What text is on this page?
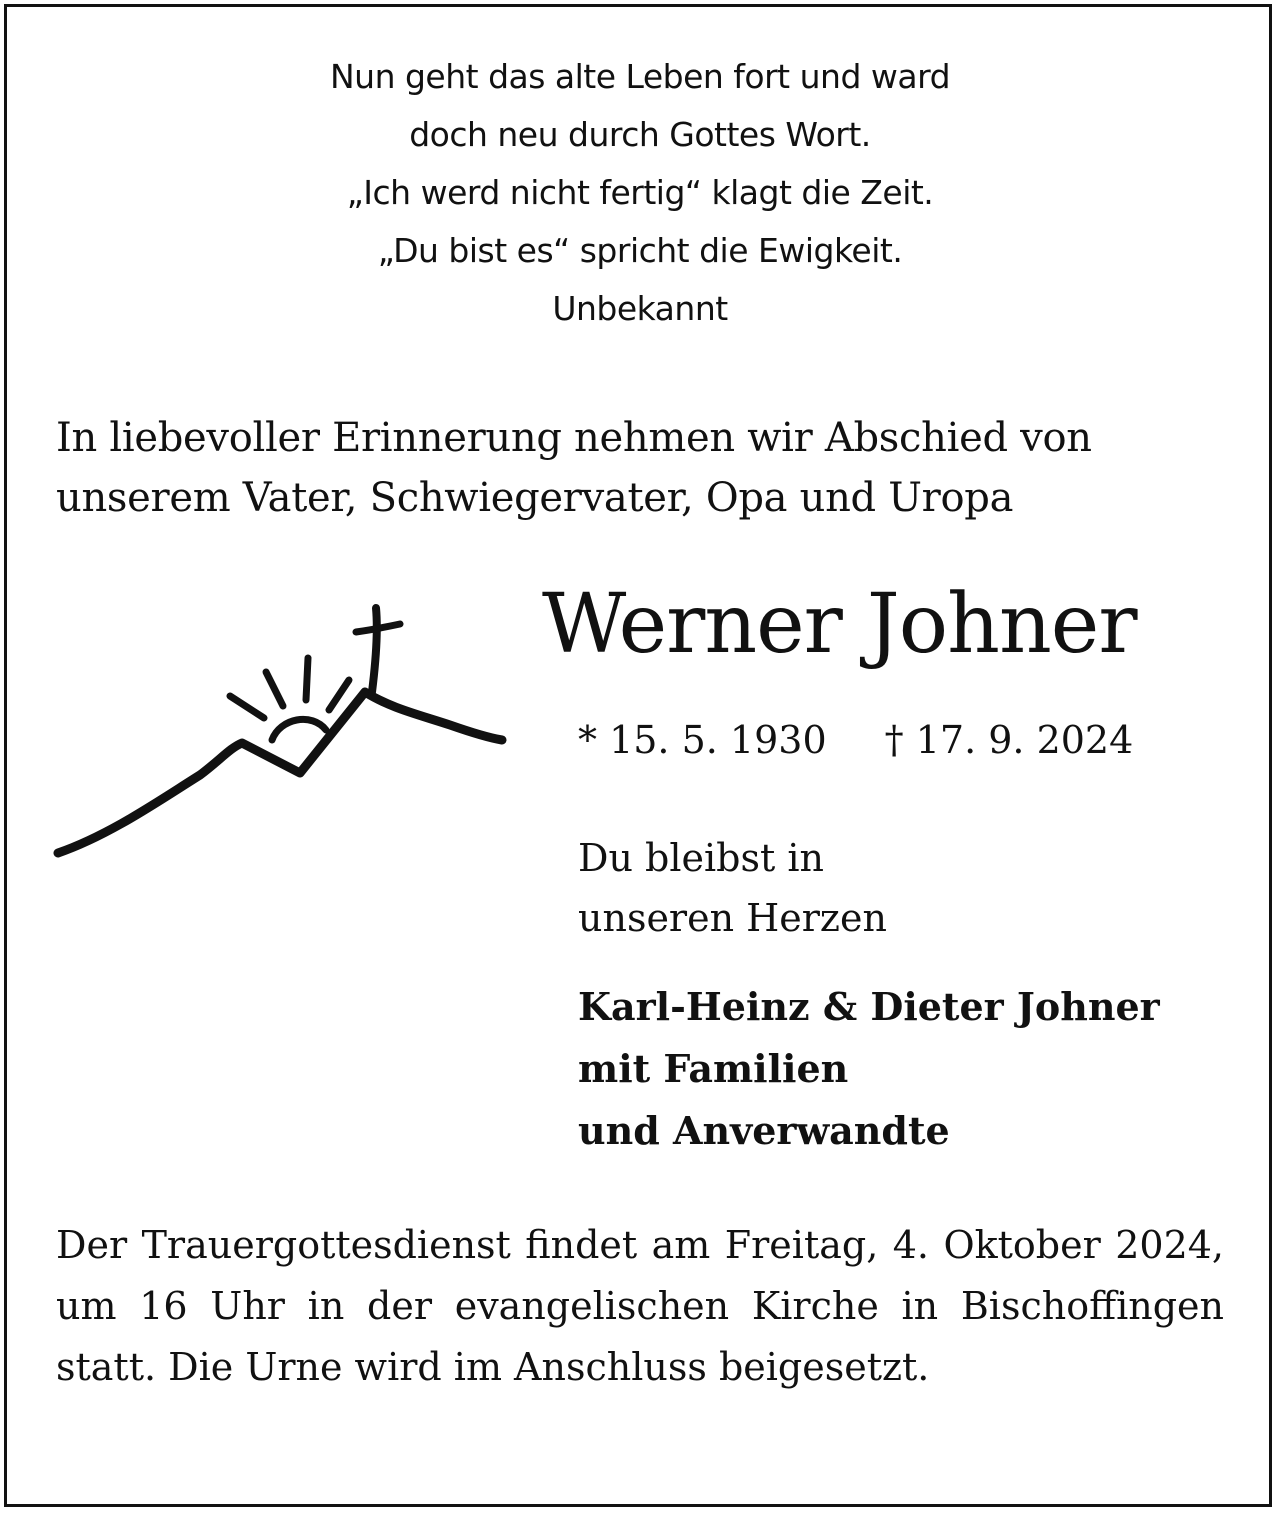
Nun geht das alte Leben fort und ward
doch neu durch Gottes Wort.
„Ich werd nicht fertig“ klagt die Zeit.
„Du bist es“ spricht die Ewigkeit.
Unbekannt
In liebevoller Erinnerung nehmen wir Abschied von
unserem Vater, Schwiegervater, Opa und Uropa
Werner Johner
* 15. 5. 1930 † 17. 9. 2024
Du bleibst in
unseren Herzen
Karl-Heinz & Dieter Johner
mit Familien
und Anverwandte
Der Trauergottesdienst findet am Freitag, 4. Oktober 2024, um 16 Uhr in der evangelischen Kirche in Bischoffingen statt. Die Urne wird im Anschluss beigesetzt.
